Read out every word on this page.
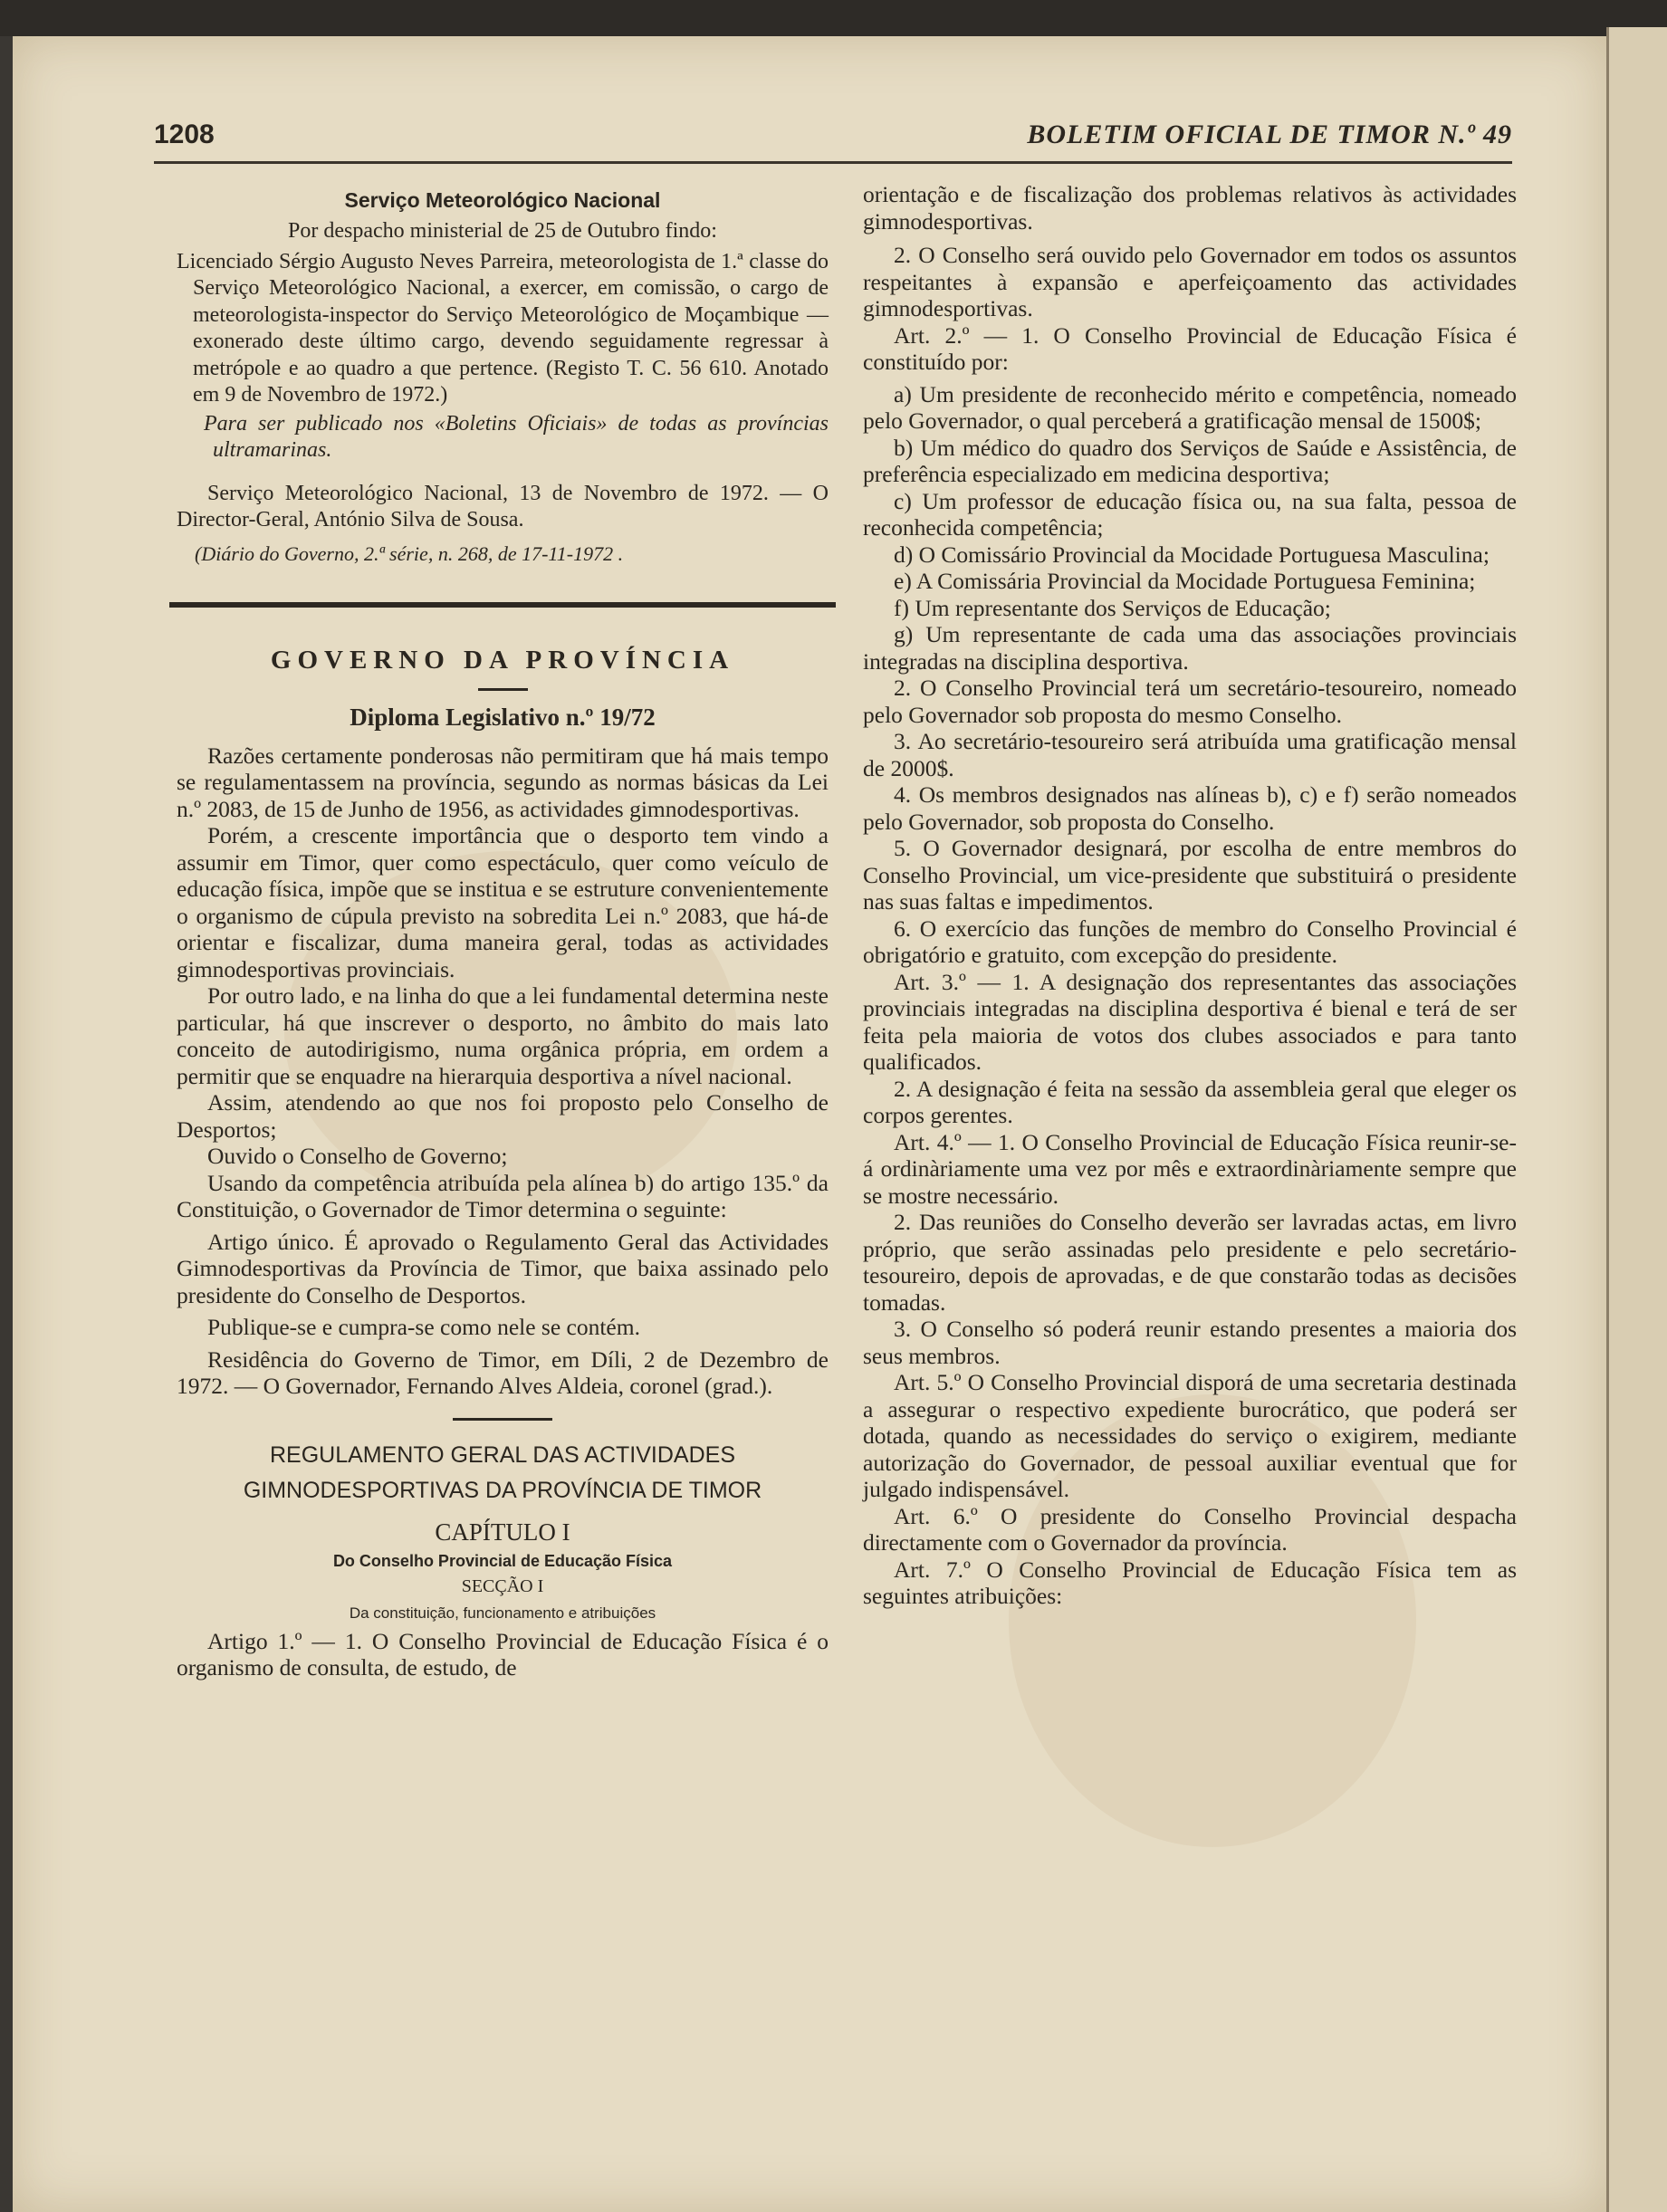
1208	BOLETIM OFICIAL DE TIMOR N.º 49
Serviço Meteorológico Nacional

Por despacho ministerial de 25 de Outubro findo:

Licenciado Sérgio Augusto Neves Parreira, meteorologista de 1.ª classe do Serviço Meteorológico Nacional, a exercer, em comissão, o cargo de meteorologista-inspector do Serviço Meteorológico de Moçambique — exonerado deste último cargo, devendo seguidamente regressar à metrópole e ao quadro a que pertence. (Registo T. C. 56 610. Anotado em 9 de Novembro de 1972.)

Para ser publicado nos «Boletins Oficiais» de todas as províncias ultramarinas.

Serviço Meteorológico Nacional, 13 de Novembro de 1972. — O Director-Geral, António Silva de Sousa.

(Diário do Governo, 2.ª série, n. 268, de 17-11-1972 .

GOVERNO DA PROVÍNCIA
Diploma Legislativo n.º 19/72

Razões certamente ponderosas não permitiram que há mais tempo se regulamentassem na província, segundo as normas básicas da Lei n.º 2083, de 15 de Junho de 1956, as actividades gimnodesportivas.

Porém, a crescente importância que o desporto tem vindo a assumir em Timor, quer como espectáculo, quer como veículo de educação física, impõe que se institua e se estruture convenientemente o organismo de cúpula previsto na sobredita Lei n.º 2083, que há-de orientar e fiscalizar, duma maneira geral, todas as actividades gimnodesportivas provinciais.

Por outro lado, e na linha do que a lei fundamental determina neste particular, há que inscrever o desporto, no âmbito do mais lato conceito de autodirigismo, numa orgânica própria, em ordem a permitir que se enquadre na hierarquia desportiva a nível nacional.

Assim, atendendo ao que nos foi proposto pelo Conselho de Desportos;

Ouvido o Conselho de Governo;

Usando da competência atribuída pela alínea b) do artigo 135.º da Constituição, o Governador de Timor determina o seguinte:

Artigo único. É aprovado o Regulamento Geral das Actividades Gimnodesportivas da Província de Timor, que baixa assinado pelo presidente do Conselho de Desportos.

Publique-se e cumpra-se como nele se contém.

Residência do Governo de Timor, em Díli, 2 de Dezembro de 1972. — O Governador, Fernando Alves Aldeia, coronel (grad.).

REGULAMENTO GERAL DAS ACTIVIDADES
GIMNODESPORTIVAS DA PROVÍNCIA DE TIMOR
CAPÍTULO I
Do Conselho Provincial de Educação Física
SECÇÃO I
Da constituição, funcionamento e atribuições

Artigo 1.º — 1. O Conselho Provincial de Educação Física é o organismo de consulta, de estudo, de

orientação e de fiscalização dos problemas relativos às actividades gimnodesportivas.

2. O Conselho será ouvido pelo Governador em todos os assuntos respeitantes à expansão e aperfeiçoamento das actividades gimnodesportivas.

Art. 2.º — 1. O Conselho Provincial de Educação Física é constituído por:

a) Um presidente de reconhecido mérito e competência, nomeado pelo Governador, o qual perceberá a gratificação mensal de 1500$;

b) Um médico do quadro dos Serviços de Saúde e Assistência, de preferência especializado em medicina desportiva;

c) Um professor de educação física ou, na sua falta, pessoa de reconhecida competência;

d) O Comissário Provincial da Mocidade Portuguesa Masculina;

e) A Comissária Provincial da Mocidade Portuguesa Feminina;

f) Um representante dos Serviços de Educação;

g) Um representante de cada uma das associações provinciais integradas na disciplina desportiva.

2. O Conselho Provincial terá um secretário-tesoureiro, nomeado pelo Governador sob proposta do mesmo Conselho.

3. Ao secretário-tesoureiro será atribuída uma gratificação mensal de 2000$.

4. Os membros designados nas alíneas b), c) e f) serão nomeados pelo Governador, sob proposta do Conselho.

5. O Governador designará, por escolha de entre membros do Conselho Provincial, um vice-presidente que substituirá o presidente nas suas faltas e impedimentos.

6. O exercício das funções de membro do Conselho Provincial é obrigatório e gratuito, com excepção do presidente.

Art. 3.º — 1. A designação dos representantes das associações provinciais integradas na disciplina desportiva é bienal e terá de ser feita pela maioria de votos dos clubes associados e para tanto qualificados.

2. A designação é feita na sessão da assembleia geral que eleger os corpos gerentes.

Art. 4.º — 1. O Conselho Provincial de Educação Física reunir-se-á ordinàriamente uma vez por mês e extraordinàriamente sempre que se mostre necessário.

2. Das reuniões do Conselho deverão ser lavradas actas, em livro próprio, que serão assinadas pelo presidente e pelo secretário-tesoureiro, depois de aprovadas, e de que constarão todas as decisões tomadas.

3. O Conselho só poderá reunir estando presentes a maioria dos seus membros.

Art. 5.º O Conselho Provincial disporá de uma secretaria destinada a assegurar o respectivo expediente burocrático, que poderá ser dotada, quando as necessidades do serviço o exigirem, mediante autorização do Governador, de pessoal auxiliar eventual que for julgado indispensável.

Art. 6.º O presidente do Conselho Provincial despacha directamente com o Governador da província.

Art. 7.º O Conselho Provincial de Educação Física tem as seguintes atribuições:
